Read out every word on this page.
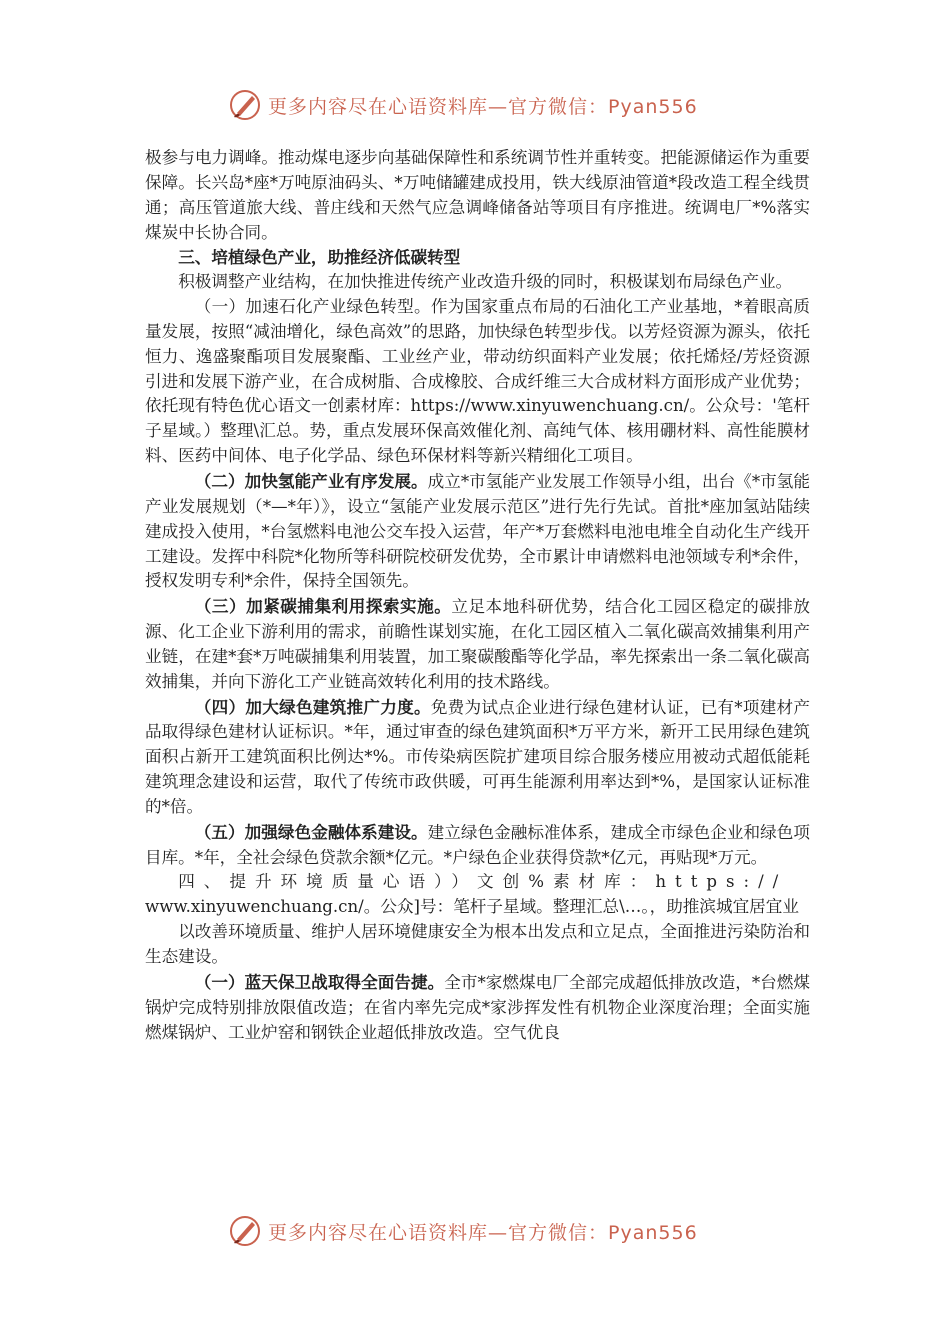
更多内容尽在心语资料库—官方微信：Pyan556

极参与电力调峰。推动煤电逐步向基础保障性和系统调节性并重转变。把能源储运作为重要保障。长兴岛*座*万吨原油码头、*万吨储罐建成投用，铁大线原油管道*段改造工程全线贯通；高压管道旅大线、普庄线和天然气应急调峰储备站等项目有序推进。统调电厂*%落实煤炭中长协合同。

三、培植绿色产业，助推经济低碳转型

积极调整产业结构，在加快推进传统产业改造升级的同时，积极谋划布局绿色产业。

（一）加速石化产业绿色转型。作为国家重点布局的石油化工产业基地，*着眼高质量发展，按照“减油增化，绿色高效”的思路，加快绿色转型步伐。以芳烃资源为源头，依托恒力、逸盛聚酯项目发展聚酯、工业丝产业，带动纺织面料产业发展；依托烯烃/芳烃资源引进和发展下游产业，在合成树脂、合成橡胶、合成纤维三大合成材料方面形成产业优势；依托现有特色优心语文一创素材库：https://www.xinyuwenchuang.cn/。公众号：'笔杆子星域。）整理\汇总。势，重点发展环保高效催化剂、高纯气体、核用硼材料、高性能膜材料、医药中间体、电子化学品、绿色环保材料等新兴精细化工项目。

（二）加快氢能产业有序发展。成立*市氢能产业发展工作领导小组，出台《*市氢能产业发展规划（*—*年）》，设立“氢能产业发展示范区”进行先行先试。首批*座加氢站陆续建成投入使用，*台氢燃料电池公交车投入运营，年产*万套燃料电池电堆全自动化生产线开工建设。发挥中科院*化物所等科研院校研发优势，全市累计申请燃料电池领域专利*余件，授权发明专利*余件，保持全国领先。

（三）加紧碳捕集利用探索实施。立足本地科研优势，结合化工园区稳定的碳排放源、化工企业下游利用的需求，前瞻性谋划实施，在化工园区植入二氧化碳高效捕集利用产业链，在建*套*万吨碳捕集利用装置，加工聚碳酸酯等化学品，率先探索出一条二氧化碳高效捕集，并向下游化工产业链高效转化利用的技术路线。

（四）加大绿色建筑推广力度。免费为试点企业进行绿色建材认证，已有*项建材产品取得绿色建材认证标识。*年，通过审查的绿色建筑面积*万平方米，新开工民用绿色建筑面积占新开工建筑面积比例达*%。市传染病医院扩建项目综合服务楼应用被动式超低能耗建筑理念建设和运营，取代了传统市政供暖，可再生能源利用率达到*%，是国家认证标准的*倍。

（五）加强绿色金融体系建设。建立绿色金融标准体系，建成全市绿色企业和绿色项目库。*年，全社会绿色贷款余额*亿元。*户绿色企业获得贷款*亿元，再贴现*万元。

四、提升环境质量心语））文创%素材库：https://

www.xinyuwenchuang.cn/。公众]号：笔杆子星域。整理汇总\…。，助推滨城宜居宜业

以改善环境质量、维护人居环境健康安全为根本出发点和立足点，全面推进污染防治和生态建设。

（一）蓝天保卫战取得全面告捷。全市*家燃煤电厂全部完成超低排放改造，*台燃煤锅炉完成特别排放限值改造；在省内率先完成*家涉挥发性有机物企业深度治理；全面实施燃煤锅炉、工业炉窑和钢铁企业超低排放改造。空气优良

更多内容尽在心语资料库—官方微信：Pyan556
